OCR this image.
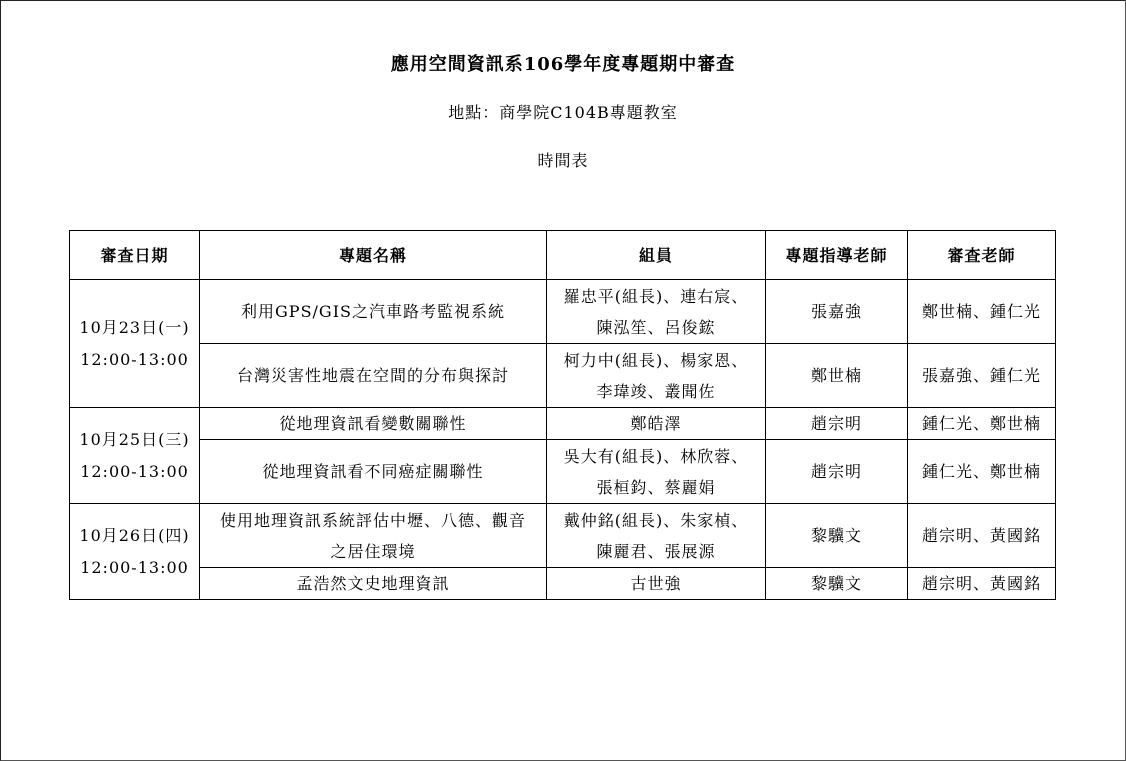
應用空間資訊系106學年度專題期中審查
地點：商學院C104B專題教室
時間表
審查日期	專題名稱	組員	專題指導老師	審查老師

10月23日(一)
12:00-13:00	利用GPS/GIS之汽車路考監視系統	羅忠平(組長)、連右宸、
陳泓笙、呂俊鋐	張嘉強	鄭世楠、鍾仁光

	台灣災害性地震在空間的分布與探討	柯力中(組長)、楊家恩、
李瑋竣、叢聞佐	鄭世楠	張嘉強、鍾仁光

10月25日(三)
12:00-13:00	從地理資訊看變數關聯性	鄭皓澤	趙宗明	鍾仁光、鄭世楠

	從地理資訊看不同癌症關聯性	吳大有(組長)、林欣蓉、
張桓鈞、蔡麗娟	趙宗明	鍾仁光、鄭世楠

10月26日(四)
12:00-13:00	使用地理資訊系統評估中壢、八德、觀音
之居住環境	戴仲銘(組長)、朱家楨、
陳麗君、張展源	黎驥文	趙宗明、黃國銘

	孟浩然文史地理資訊	古世強	黎驥文	趙宗明、黃國銘
